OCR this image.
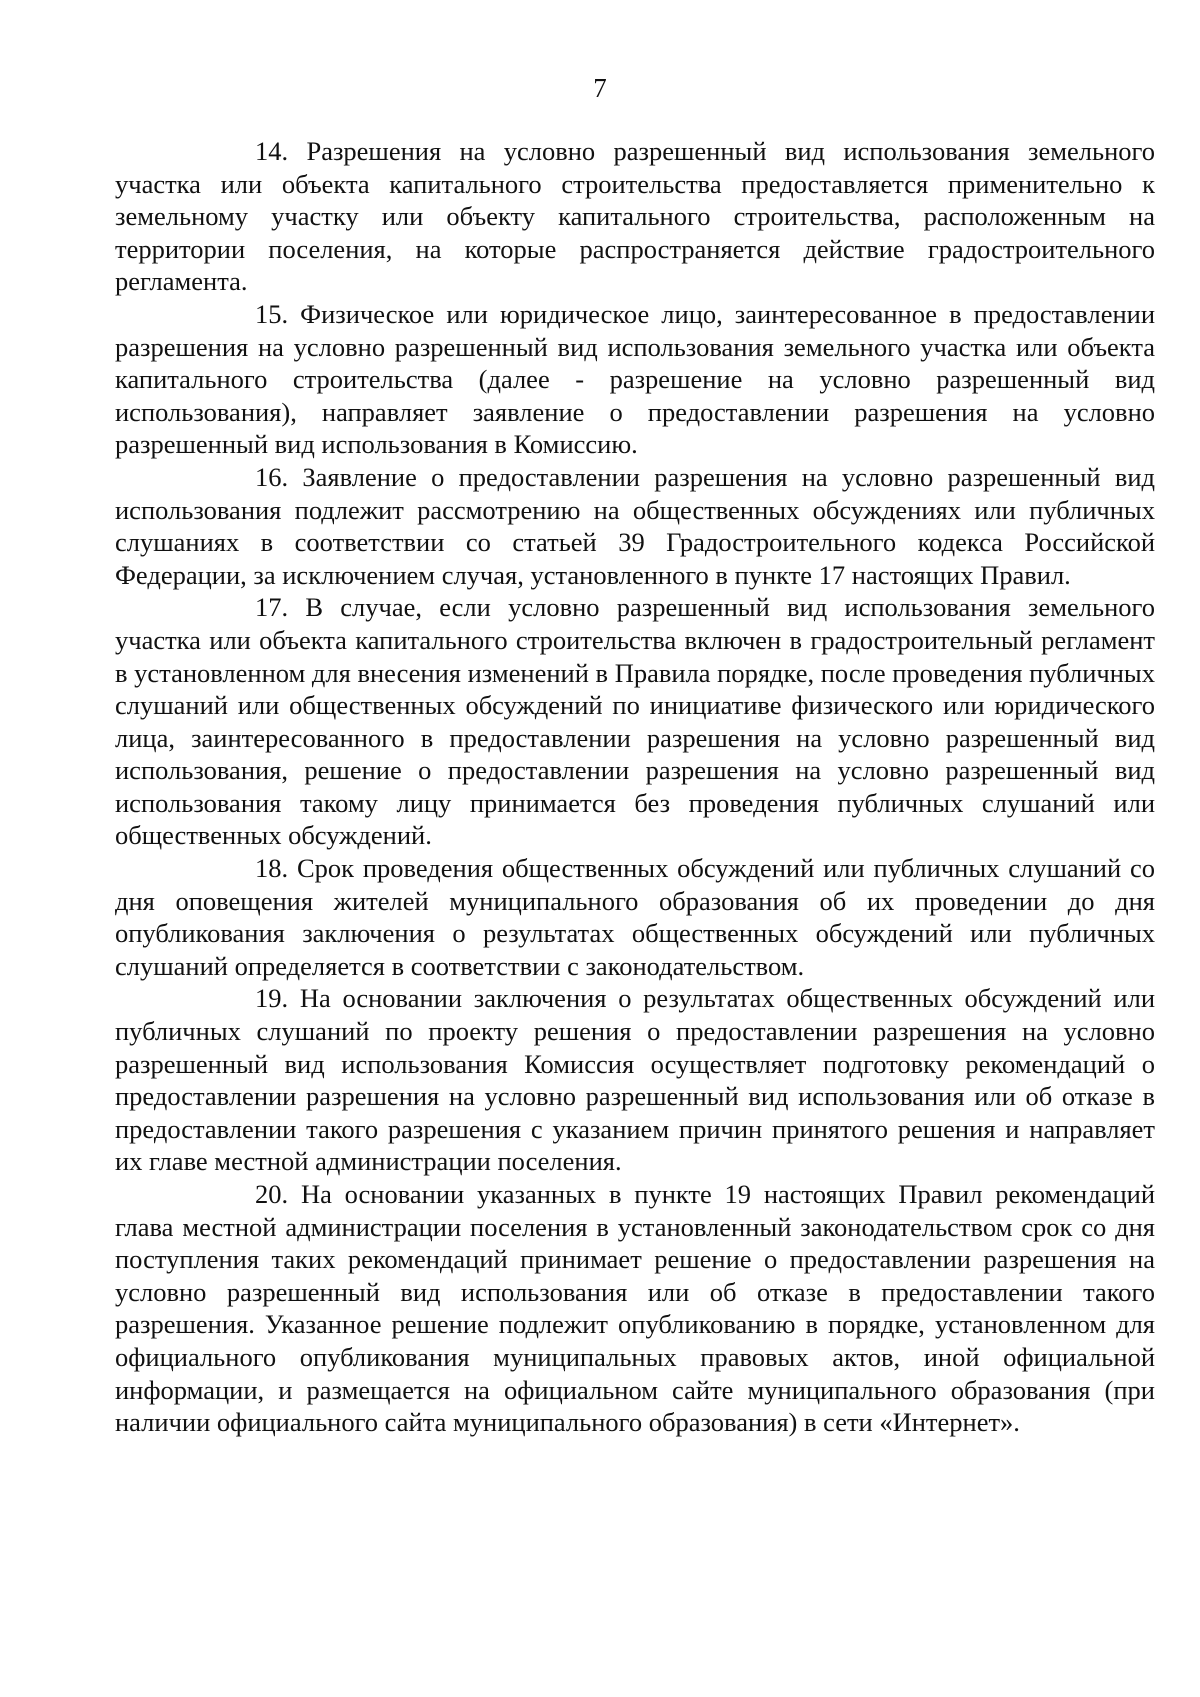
7

14. Разрешения на условно разрешенный вид использования земельного участка или объекта капитального строительства предоставляется применительно к земельному участку или объекту капитального строительства, расположенным на территории поселения, на которые распространяется действие градостроительного регламента.

15. Физическое или юридическое лицо, заинтересованное в предоставлении разрешения на условно разрешенный вид использования земельного участка или объекта капитального строительства (далее - разрешение на условно разрешенный вид использования), направляет заявление о предоставлении разрешения на условно разрешенный вид использования в Комиссию.

16. Заявление о предоставлении разрешения на условно разрешенный вид использования подлежит рассмотрению на общественных обсуждениях или публичных слушаниях в соответствии со статьей 39 Градостроительного кодекса Российской Федерации, за исключением случая, установленного в пункте 17 настоящих Правил.

17. В случае, если условно разрешенный вид использования земельного участка или объекта капитального строительства включен в градостроительный регламент в установленном для внесения изменений в Правила порядке, после проведения публичных слушаний или общественных обсуждений по инициативе физического или юридического лица, заинтересованного в предоставлении разрешения на условно разрешенный вид использования, решение о предоставлении разрешения на условно разрешенный вид использования такому лицу принимается без проведения публичных слушаний или общественных обсуждений.

18. Срок проведения общественных обсуждений или публичных слушаний со дня оповещения жителей муниципального образования об их проведении до дня опубликования заключения о результатах общественных обсуждений или публичных слушаний определяется в соответствии с законодательством.

19. На основании заключения о результатах общественных обсуждений или публичных слушаний по проекту решения о предоставлении разрешения на условно разрешенный вид использования Комиссия осуществляет подготовку рекомендаций о предоставлении разрешения на условно разрешенный вид использования или об отказе в предоставлении такого разрешения с указанием причин принятого решения и направляет их главе местной администрации поселения.

20. На основании указанных в пункте 19 настоящих Правил рекомендаций глава местной администрации поселения в установленный законодательством срок со дня поступления таких рекомендаций принимает решение о предоставлении разрешения на условно разрешенный вид использования или об отказе в предоставлении такого разрешения. Указанное решение подлежит опубликованию в порядке, установленном для официального опубликования муниципальных правовых актов, иной официальной информации, и размещается на официальном сайте муниципального образования (при наличии официального сайта муниципального образования) в сети «Интернет».
